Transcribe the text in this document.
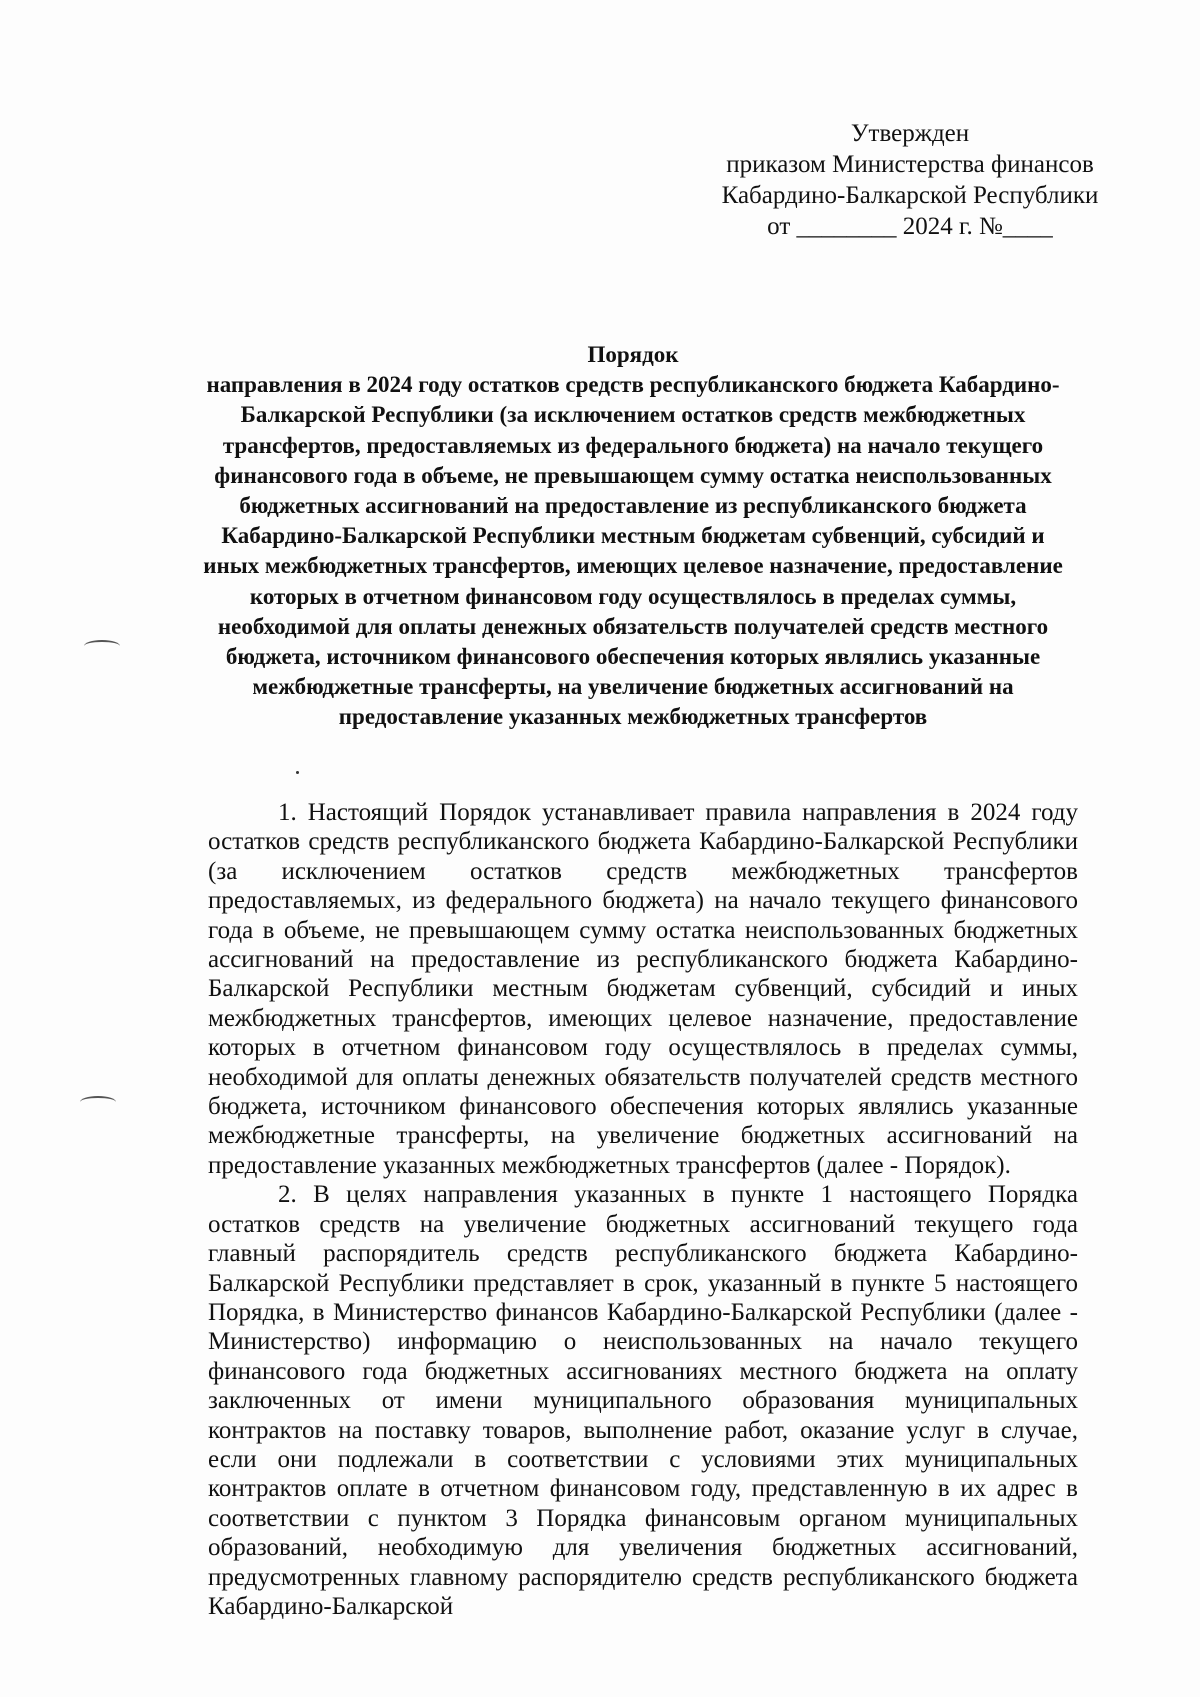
Утвержден
приказом Министерства финансов
Кабардино-Балкарской Республики
от ________ 2024 г. №____
Порядок
направления в 2024 году остатков средств республиканского бюджета Кабардино-Балкарской Республики (за исключением остатков средств межбюджетных трансфертов, предоставляемых из федерального бюджета) на начало текущего финансового года в объеме, не превышающем сумму остатка неиспользованных бюджетных ассигнований на предоставление из республиканского бюджета Кабардино-Балкарской Республики местным бюджетам субвенций, субсидий и иных межбюджетных трансфертов, имеющих целевое назначение, предоставление которых в отчетном финансовом году осуществлялось в пределах суммы, необходимой для оплаты денежных обязательств получателей средств местного бюджета, источником финансового обеспечения которых являлись указанные межбюджетные трансферты, на увеличение бюджетных ассигнований на предоставление указанных межбюджетных трансфертов

1. Настоящий Порядок устанавливает правила направления в 2024 году остатков средств республиканского бюджета Кабардино-Балкарской Республики (за исключением остатков средств межбюджетных трансфертов предоставляемых, из федерального бюджета) на начало текущего финансового года в объеме, не превышающем сумму остатка неиспользованных бюджетных ассигнований на предоставление из республиканского бюджета Кабардино-Балкарской Республики местным бюджетам субвенций, субсидий и иных межбюджетных трансфертов, имеющих целевое назначение, предоставление которых в отчетном финансовом году осуществлялось в пределах суммы, необходимой для оплаты денежных обязательств получателей средств местного бюджета, источником финансового обеспечения которых являлись указанные межбюджетные трансферты, на увеличение бюджетных ассигнований на предоставление указанных межбюджетных трансфертов (далее - Порядок).

2. В целях направления указанных в пункте 1 настоящего Порядка остатков средств на увеличение бюджетных ассигнований текущего года главный распорядитель средств республиканского бюджета Кабардино-Балкарской Республики представляет в срок, указанный в пункте 5 настоящего Порядка, в Министерство финансов Кабардино-Балкарской Республики (далее - Министерство) информацию о неиспользованных на начало текущего финансового года бюджетных ассигнованиях местного бюджета на оплату заключенных от имени муниципального образования муниципальных контрактов на поставку товаров, выполнение работ, оказание услуг в случае, если они подлежали в соответствии с условиями этих муниципальных контрактов оплате в отчетном финансовом году, представленную в их адрес в соответствии с пунктом 3 Порядка финансовым органом муниципальных образований, необходимую для увеличения бюджетных ассигнований, предусмотренных главному распорядителю средств республиканского бюджета Кабардино-Балкарской
